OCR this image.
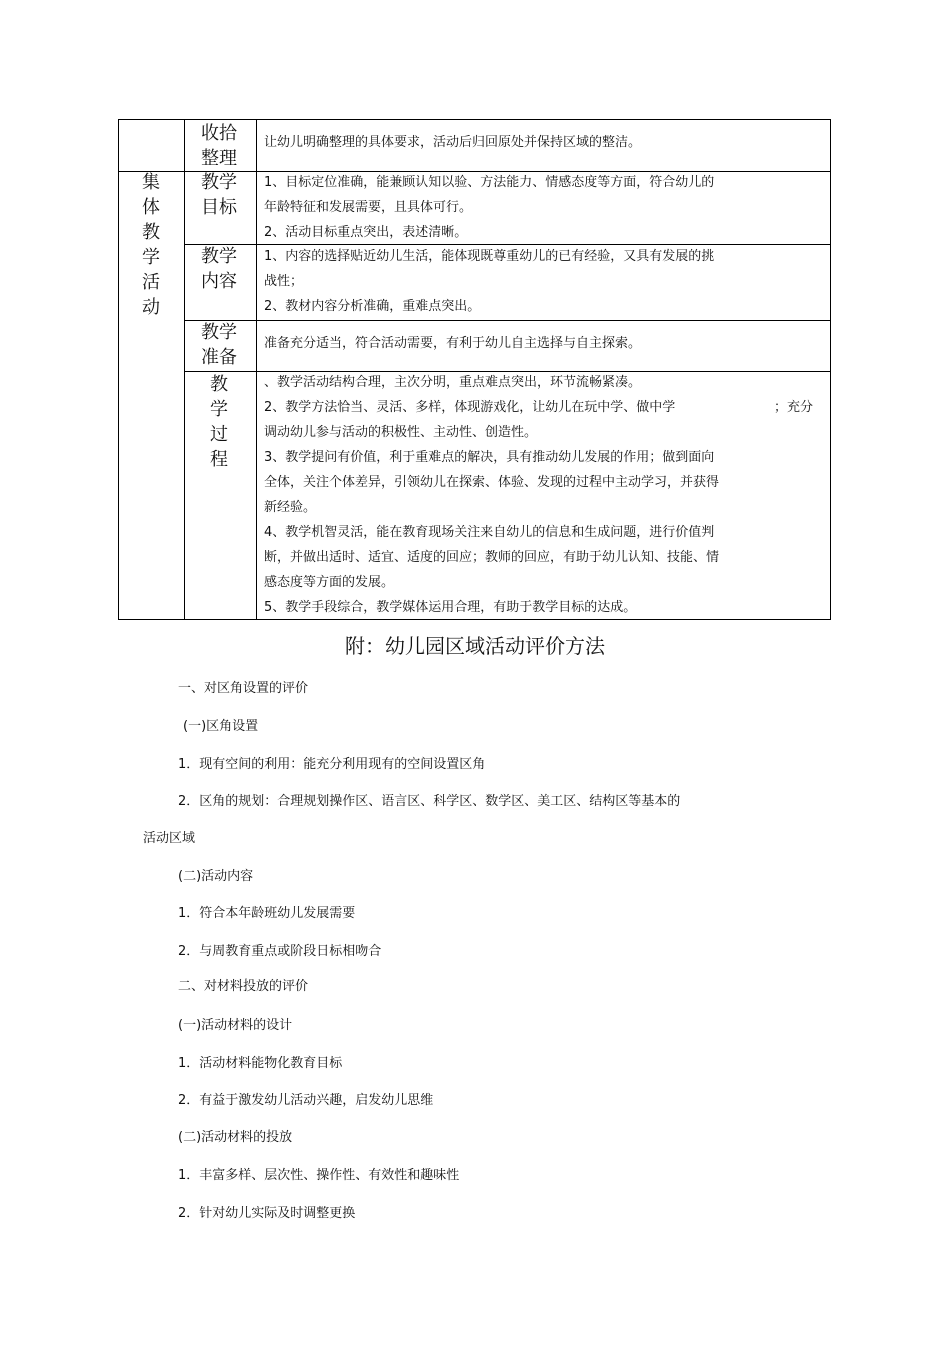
收拾
整理
让幼儿明确整理的具体要求，活动后归回原处并保持区域的整洁。
集
体
教
学
活
动
教学
目标
1、目标定位准确，能兼顾认知以验、方法能力、情感态度等方面，符合幼儿的
年龄特征和发展需要，且具体可行。
2、活动目标重点突出，表述清晰。
教学
内容
1、内容的选择贴近幼儿生活，能体现既尊重幼儿的已有经验，又具有发展的挑
战性；
2、教材内容分析准确，重难点突出。
教学
准备
准备充分适当，符合活动需要，有利于幼儿自主选择与自主探索。
教
学
过
程
、教学活动结构合理，主次分明，重点难点突出，环节流畅紧凑。
2、教学方法恰当、灵活、多样，体现游戏化，让幼儿在玩中学、做中学
调动幼儿参与活动的积极性、主动性、创造性。
3、教学提问有价值，利于重难点的解决，具有推动幼儿发展的作用；做到面向
全体，关注个体差异，引领幼儿在探索、体验、发现的过程中主动学习，并获得
新经验。
4、教学机智灵活，能在教育现场关注来自幼儿的信息和生成问题，进行价值判
断，并做出适时、适宜、适度的回应；教师的回应，有助于幼儿认知、技能、情
感态度等方面的发展。
5、教学手段综合，教学媒体运用合理，有助于教学目标的达成。
；充分
附：幼儿园区域活动评价方法
一、对区角设置的评价
(一)区角设置
1．现有空间的利用：能充分利用现有的空间设置区角
2．区角的规划：合理规划操作区、语言区、科学区、数学区、美工区、结构区等基本的
活动区域
(二)活动内容
1．符合本年龄班幼儿发展需要
2．与周教育重点或阶段日标相吻合
二、对材料投放的评价
(一)活动材料的设计
1．活动材料能物化教育目标
2．有益于激发幼儿活动兴趣，启发幼儿思维
(二)活动材料的投放
1．丰富多样、层次性、操作性、有效性和趣味性
2．针对幼儿实际及时调整更换
